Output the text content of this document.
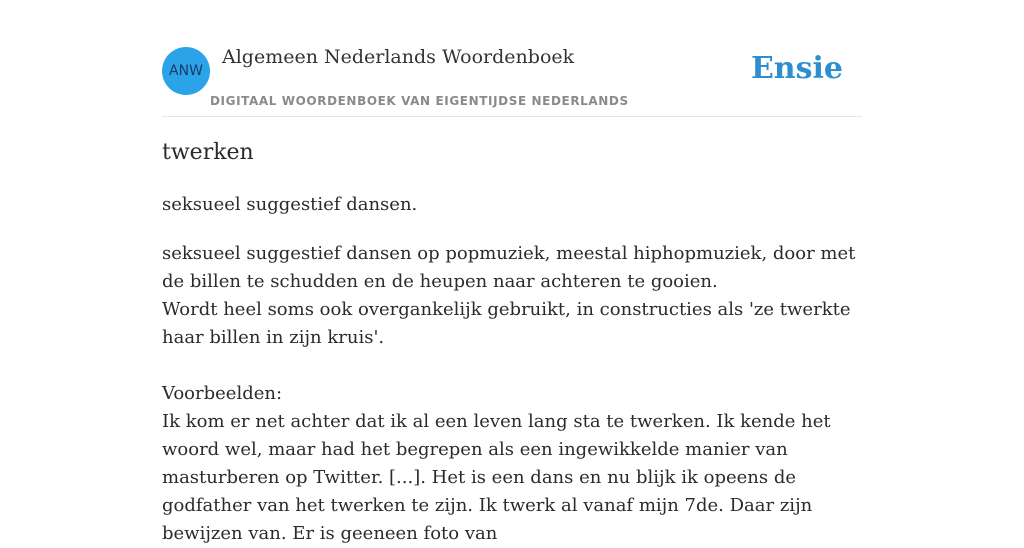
ANW
Algemeen Nederlands Woordenboek
DIGITAAL WOORDENBOEK VAN EIGENTIJDSE NEDERLANDS
Ensie
twerken
seksueel suggestief dansen.
seksueel suggestief dansen op popmuziek, meestal hiphopmuziek, door met de billen te schudden en de heupen naar achteren te gooien.
Wordt heel soms ook overgankelijk gebruikt, in constructies als 'ze twerkte haar billen in zijn kruis'.

Voorbeelden:
Ik kom er net achter dat ik al een leven lang sta te twerken. Ik kende het woord wel, maar had het begrepen als een ingewikkelde manier van masturberen op Twitter. [...]. Het is een dans en nu blijk ik opeens de godfather van het twerken te zijn. Ik twerk al vanaf mijn 7de. Daar zijn bewijzen van. Er is geeneen foto van
